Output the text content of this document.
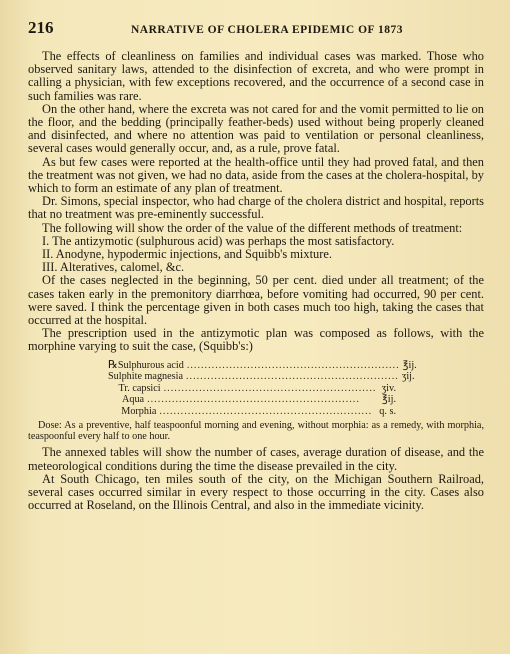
216	NARRATIVE OF CHOLERA EPIDEMIC OF 1873

The effects of cleanliness on families and individual cases was marked. Those who observed sanitary laws, attended to the disinfection of excreta, and who were prompt in calling a physician, with few exceptions recovered, and the occurrence of a second case in such families was rare.

On the other hand, where the excreta was not cared for and the vomit permitted to lie on the floor, and the bedding (principally feather-beds) used without being properly cleaned and disinfected, and where no attention was paid to ventilation or personal cleanliness, several cases would generally occur, and, as a rule, prove fatal.

As but few cases were reported at the health-office until they had proved fatal, and then the treatment was not given, we had no data, aside from the cases at the cholera-hospital, by which to form an estimate of any plan of treatment.

Dr. Simons, special inspector, who had charge of the cholera district and hospital, reports that no treatment was pre-eminently successful.

The following will show the order of the value of the different methods of treatment:

I. The antizymotic (sulphurous acid) was perhaps the most satisfactory.

II. Anodyne, hypodermic injections, and Squibb's mixture.

III. Alteratives, calomel, &c.

Of the cases neglected in the beginning, 50 per cent. died under all treatment; of the cases taken early in the premonitory diarrhœa, before vomiting had occurred, 90 per cent. were saved. I think the percentage given in both cases much too high, taking the cases that occurred at the hospital.

The prescription used in the antizymotic plan was composed as follows, with the morphine varying to suit the case, (Squibb's:)

℞ Sulphurous acid ............................................................ ℥ij.
Sulphite magnesia ............................................................ ʒij.
Tr. capsici ............................................................ ʒiv.
Aqua ............................................................	℥ij.
Morphia ............................................................ q. s.

Dose: As a preventive, half teaspoonful morning and evening, without morphia: as a remedy, with morphia, teaspoonful every half to one hour.

The annexed tables will show the number of cases, average duration of disease, and the meteorological conditions during the time the disease prevailed in the city.

At South Chicago, ten miles south of the city, on the Michigan Southern Railroad, several cases occurred similar in every respect to those occurring in the city. Cases also occurred at Roseland, on the Illinois Central, and also in the immediate vicinity.
